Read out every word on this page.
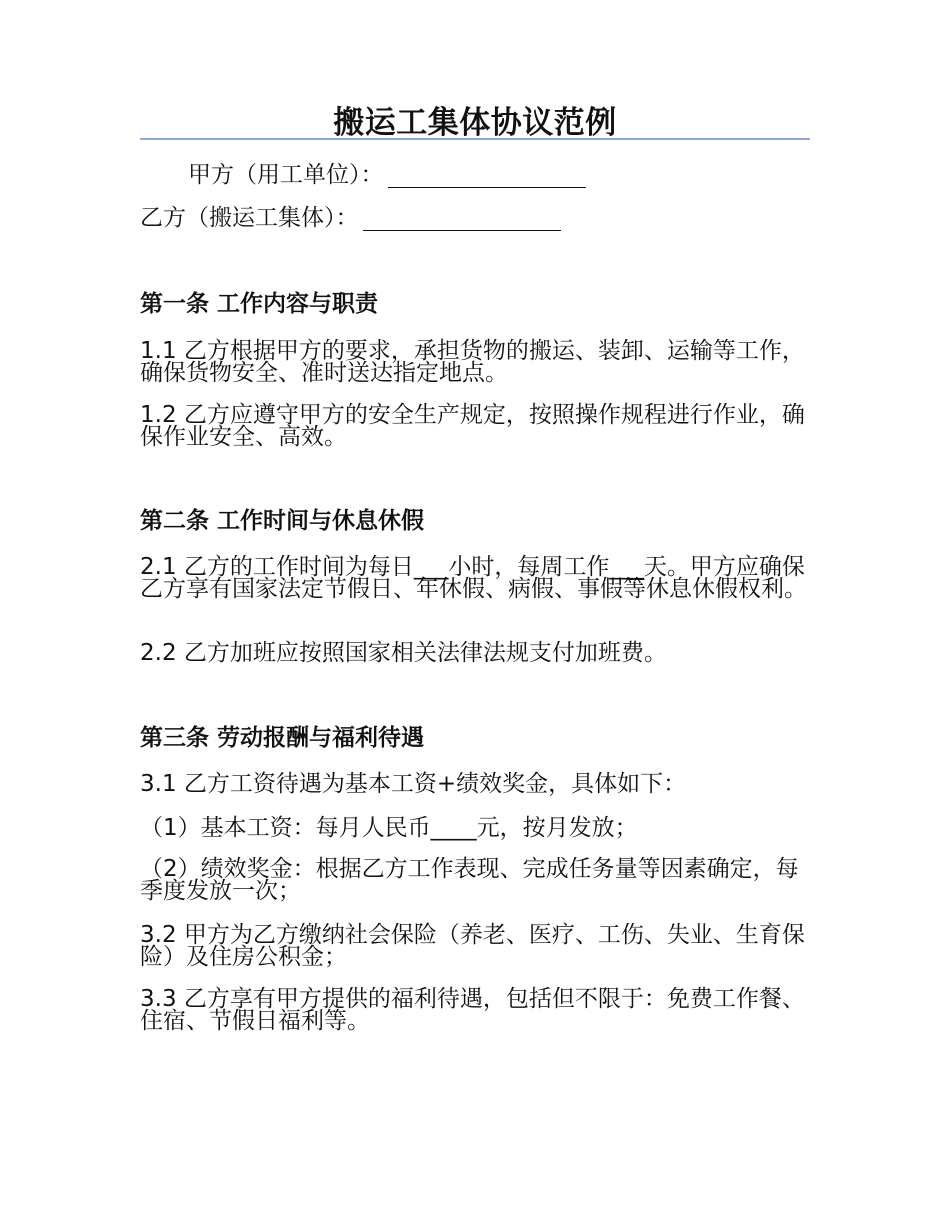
搬运工集体协议范例
甲方（用工单位）：
乙方（搬运工集体）：
第一条 工作内容与职责

1.1 乙方根据甲方的要求，承担货物的搬运、装卸、运输等工作，确保货物安全、准时送达指定地点。

1.2 乙方应遵守甲方的安全生产规定，按照操作规程进行作业，确保作业安全、高效。

第二条 工作时间与休息休假

2.1 乙方的工作时间为每日___小时，每周工作___天。甲方应确保乙方享有国家法定节假日、年休假、病假、事假等休息休假权利。

2.2 乙方加班应按照国家相关法律法规支付加班费。

第三条 劳动报酬与福利待遇

3.1 乙方工资待遇为基本工资+绩效奖金，具体如下：

（1）基本工资：每月人民币____元，按月发放；

（2）绩效奖金：根据乙方工作表现、完成任务量等因素确定，每季度发放一次；

3.2 甲方为乙方缴纳社会保险（养老、医疗、工伤、失业、生育保险）及住房公积金；

3.3 乙方享有甲方提供的福利待遇，包括但不限于：免费工作餐、住宿、节假日福利等。
